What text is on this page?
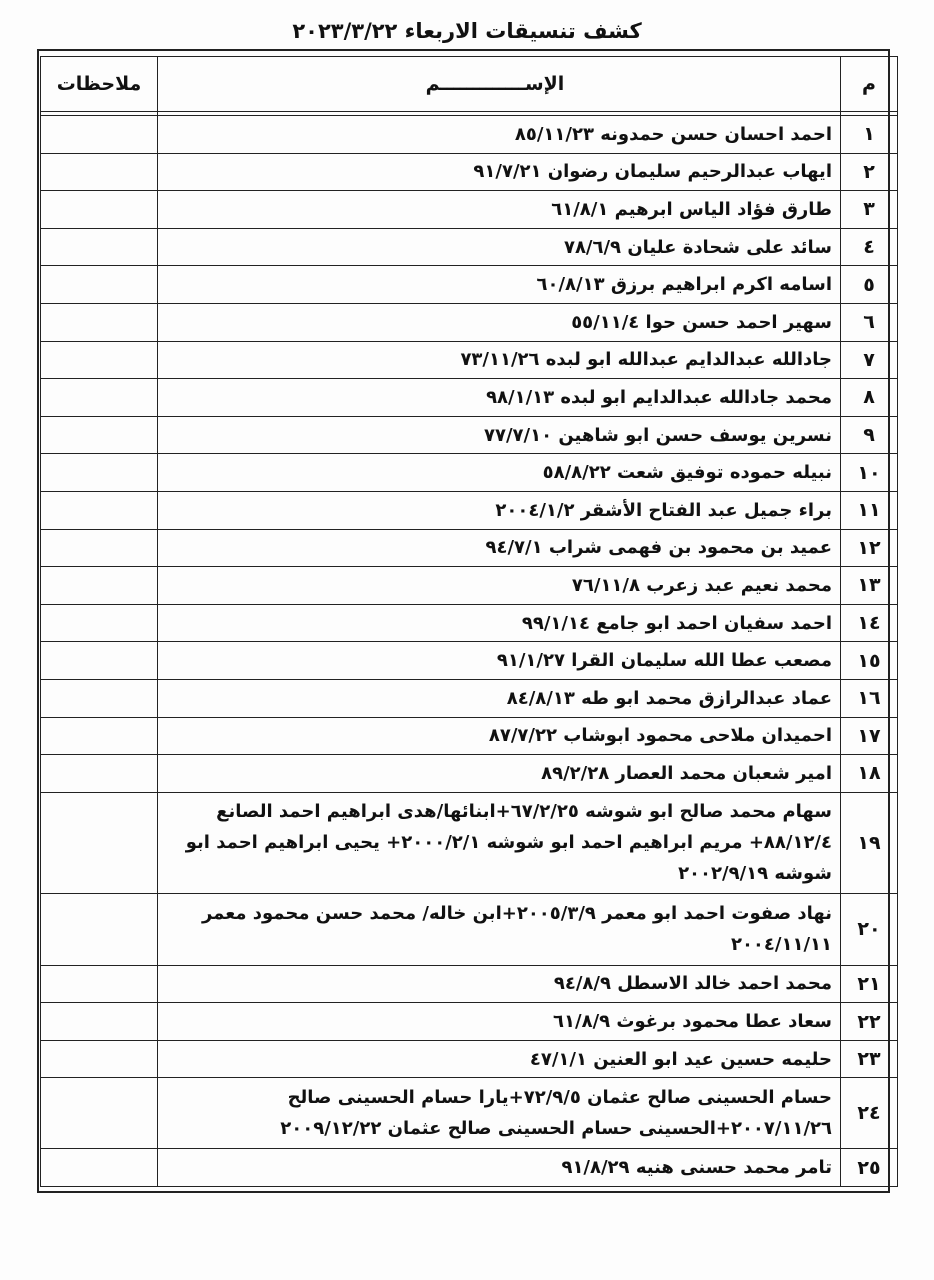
كشف تنسيقات الاربعاء ٢٠٢٣/٣/٢٢
م	الإســـــــــــــم	ملاحظات

١	احمد احسان حسن حمدونه ٨٥/١١/٢٣	

٢	ايهاب عبدالرحيم سليمان رضوان ٩١/٧/٢١	

٣	طارق فؤاد الياس ابرهيم ٦١/٨/١	

٤	سائد على شحادة عليان ٧٨/٦/٩	

٥	اسامه اكرم ابراهيم برزق ٦٠/٨/١٣	

٦	سهير احمد حسن حوا ٥٥/١١/٤	

٧	جادالله عبدالدايم عبدالله ابو لبده ٧٣/١١/٢٦	

٨	محمد جادالله عبدالدايم ابو لبده ٩٨/١/١٣	

٩	نسرين يوسف حسن ابو شاهين ٧٧/٧/١٠	

١٠	نبيله حموده توفيق شعت ٥٨/٨/٢٢	

١١	براء جميل عبد الفتاح الأشقر ٢٠٠٤/١/٢	

١٢	عميد بن محمود بن فهمى شراب ٩٤/٧/١	

١٣	محمد نعيم عبد زعرب ٧٦/١١/٨	

١٤	احمد سفيان احمد ابو جامع ٩٩/١/١٤	

١٥	مصعب عطا الله سليمان القرا ٩١/١/٢٧	

١٦	عماد عبدالرازق محمد ابو طه ٨٤/٨/١٣	

١٧	احميدان ملاحى محمود ابوشاب ٨٧/٧/٢٢	

١٨	امير شعبان محمد العصار ٨٩/٢/٢٨	

١٩	سهام محمد صالح ابو شوشه ٦٧/٢/٢٥+ابنائها/هدى ابراهيم احمد الصانع ٨٨/١٢/٤+ مريم ابراهيم احمد ابو شوشه ٢٠٠٠/٢/١+ يحيى ابراهيم احمد ابو شوشه ٢٠٠٢/٩/١٩	

٢٠	نهاد صفوت احمد ابو معمر ٢٠٠٥/٣/٩+ابن خاله/ محمد حسن محمود معمر ٢٠٠٤/١١/١١	

٢١	محمد احمد خالد الاسطل ٩٤/٨/٩	

٢٢	سعاد عطا محمود برغوث ٦١/٨/٩	

٢٣	حليمه حسين عيد ابو العنين ٤٧/١/١	

٢٤	حسام الحسينى صالح عثمان ٧٢/٩/٥+يارا حسام الحسينى صالح ٢٠٠٧/١١/٢٦+الحسينى حسام الحسينى صالح عثمان ٢٠٠٩/١٢/٢٢	

٢٥	تامر محمد حسنى هنيه ٩١/٨/٢٩	
